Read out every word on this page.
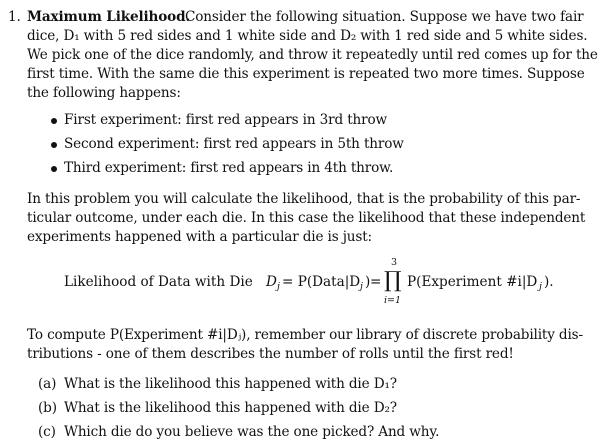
1. Maximum Likelihood.
Consider the following situation. Suppose we have two fair
dice, D₁ with 5 red sides and 1 white side and D₂ with 1 red side and 5 white sides.
We pick one of the dice randomly, and throw it repeatedly until red comes up for the
first time. With the same die this experiment is repeated two more times. Suppose
the following happens:
First experiment: first red appears in 3rd throw
Second experiment: first red appears in 5th throw
Third experiment: first red appears in 4th throw.
In this problem you will calculate the likelihood, that is the probability of this par-
ticular outcome, under each die. In this case the likelihood that these independent
experiments happened with a particular die is just:
Likelihood of Data with Die D j = P(Data|D j ) =
3
∏
i=1
P(Experiment #i|D j ).
To compute P(Experiment #i|Dⱼ), remember our library of discrete probability dis-
tributions - one of them describes the number of rolls until the first red!
(a) What is the likelihood this happened with die D₁?
(b) What is the likelihood this happened with die D₂?
(c) Which die do you believe was the one picked? And why.
